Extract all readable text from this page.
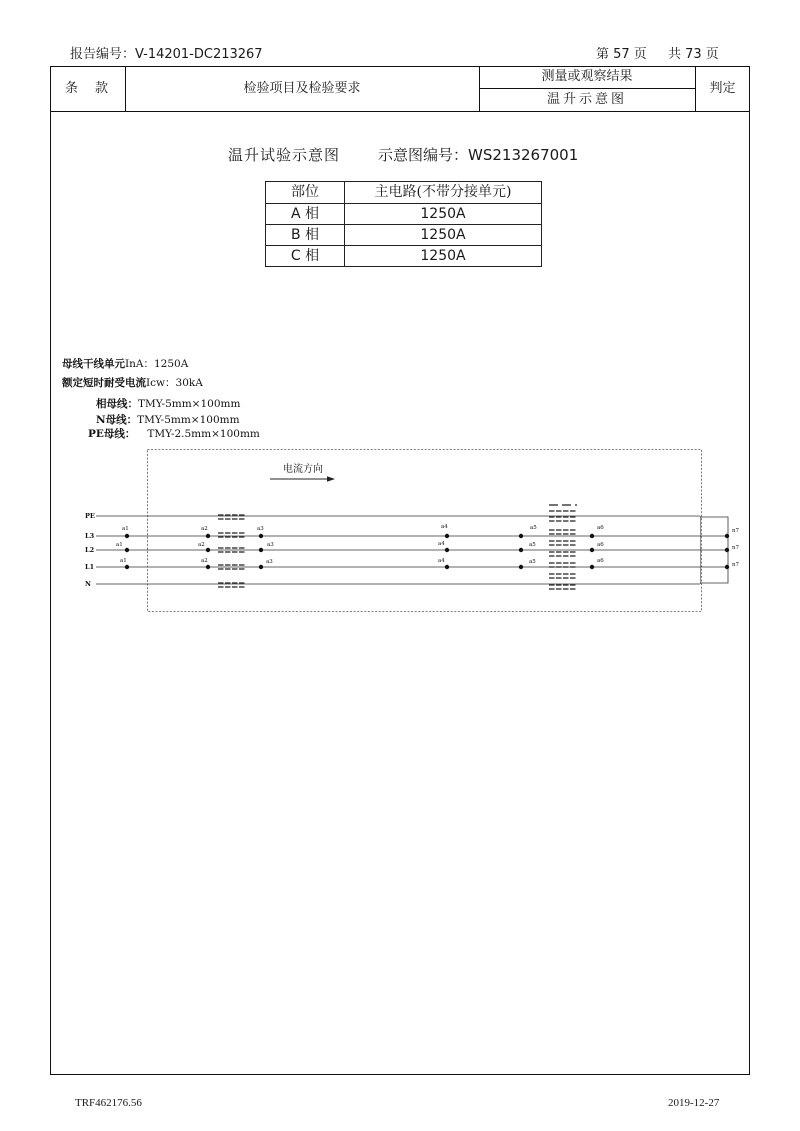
报告编号：V-14201-DC213267	第 57 页 共 73 页
条　款	检验项目及检验要求
测量或观察结果
温升示意图
判定
温升试验示意图	示意图编号： WS213267001
部位	主电路(不带分接单元)
A 相	1250A
B 相	1250A
C 相	1250A
母线干线单元InA：1250A
额定短时耐受电流Icw：30kA
相母线：TMY-5mm×100mm
N母线：TMY-5mm×100mm
PE母线： TMY-2.5mm×100mm
电流方向
PE
L3
L2
L1
N
a1
a1
a1
a2
a2
a2
a3
a3
a3
a4
a4
a4
a5
a5
a5
a6
a6
a6
n7
n7
n7
TRF462176.56	2019-12-27
